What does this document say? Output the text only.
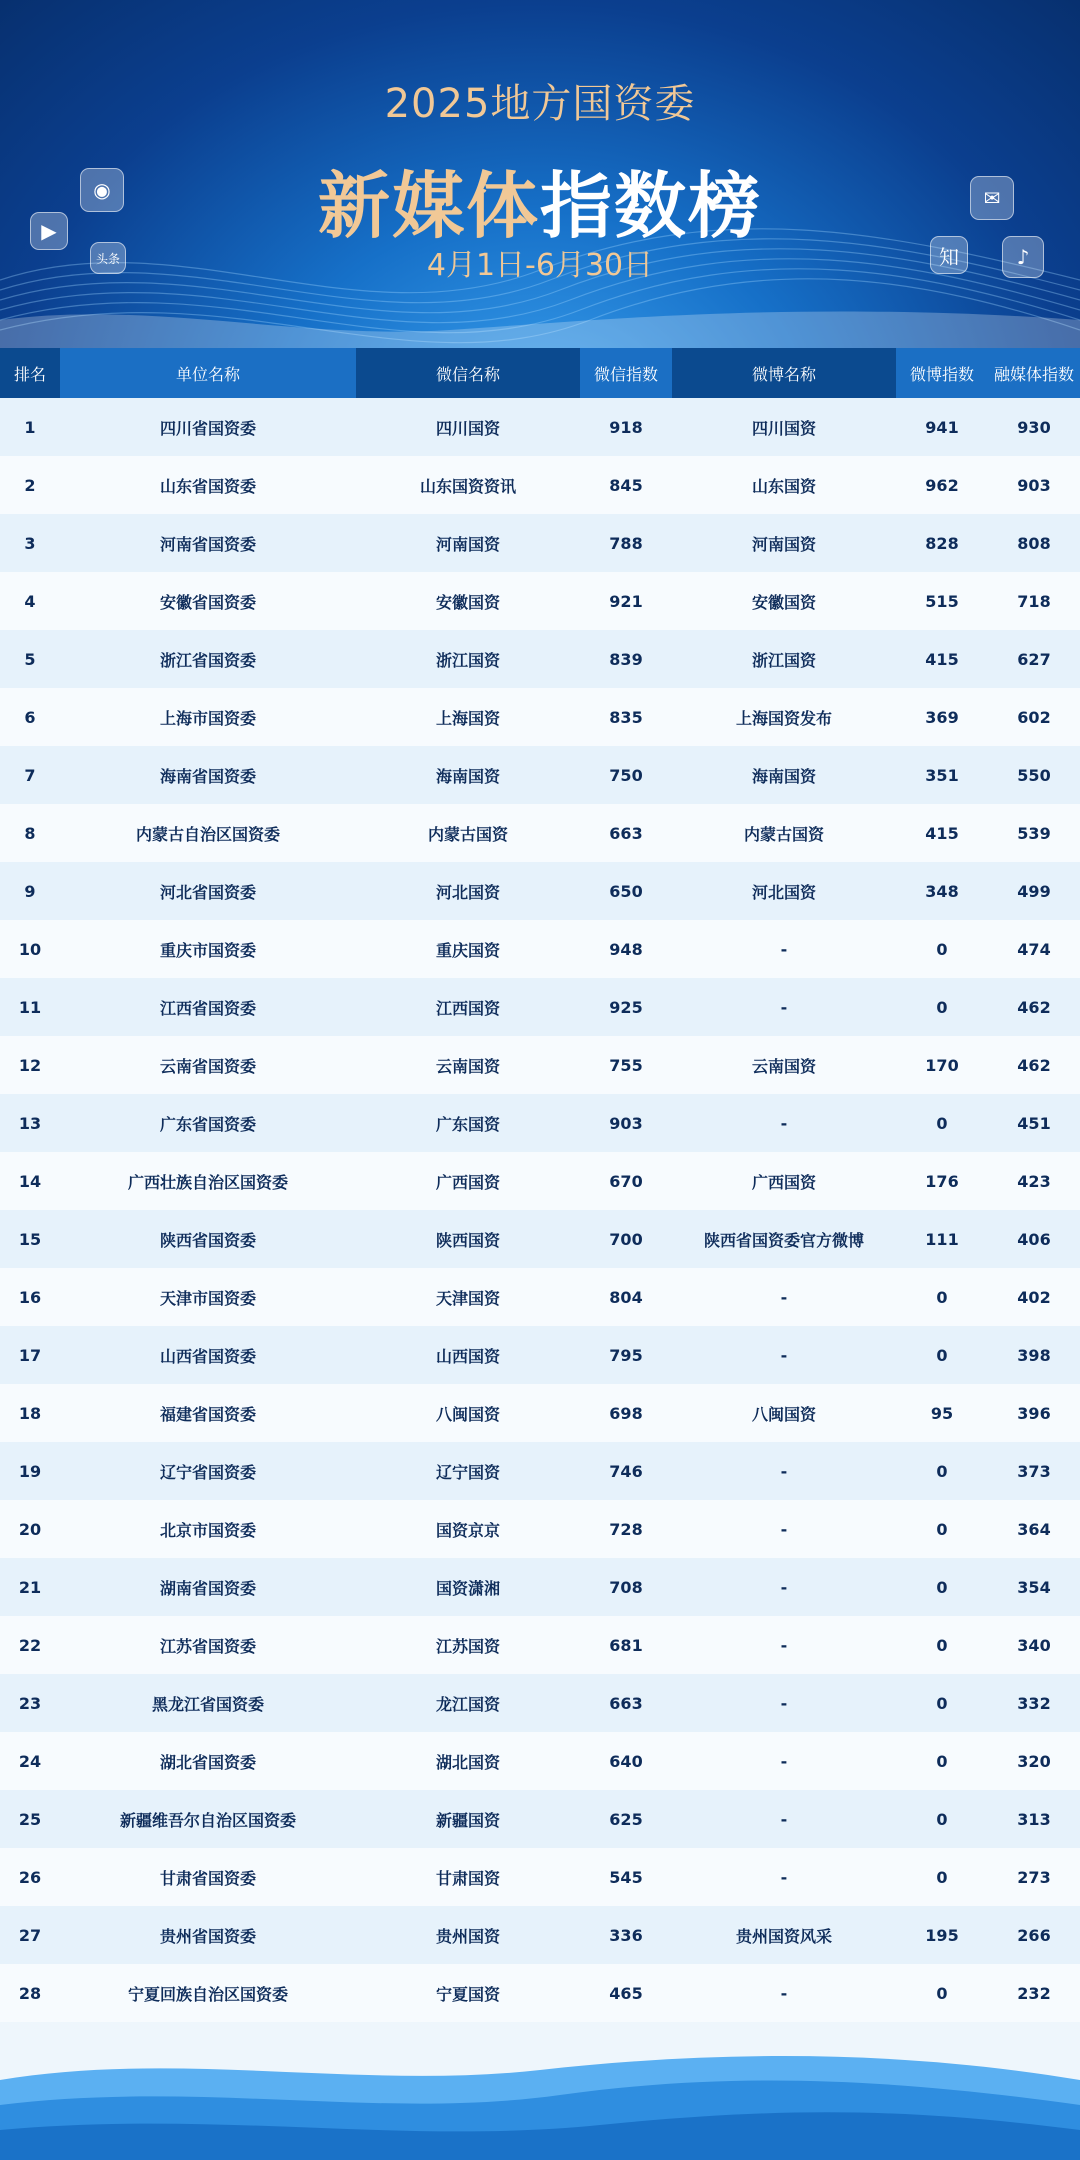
◉
▶
头条
✉
知	♪
2025地方国资委
新媒体指数榜
4月1日-6月30日
排名	单位名称	微信名称	微信指数	微博名称	微博指数	融媒体指数
1	四川省国资委	四川国资	918	四川国资	941	930
2	山东省国资委	山东国资资讯	845	山东国资	962	903
3	河南省国资委	河南国资	788	河南国资	828	808
4	安徽省国资委	安徽国资	921	安徽国资	515	718
5	浙江省国资委	浙江国资	839	浙江国资	415	627
6	上海市国资委	上海国资	835	上海国资发布	369	602
7	海南省国资委	海南国资	750	海南国资	351	550
8	内蒙古自治区国资委	内蒙古国资	663	内蒙古国资	415	539
9	河北省国资委	河北国资	650	河北国资	348	499
10	重庆市国资委	重庆国资	948	-	0	474
11	江西省国资委	江西国资	925	-	0	462
12	云南省国资委	云南国资	755	云南国资	170	462
13	广东省国资委	广东国资	903	-	0	451
14	广西壮族自治区国资委	广西国资	670	广西国资	176	423
15	陕西省国资委	陕西国资	700	陕西省国资委官方微博	111	406
16	天津市国资委	天津国资	804	-	0	402
17	山西省国资委	山西国资	795	-	0	398
18	福建省国资委	八闽国资	698	八闽国资	95	396
19	辽宁省国资委	辽宁国资	746	-	0	373
20	北京市国资委	国资京京	728	-	0	364
21	湖南省国资委	国资潇湘	708	-	0	354
22	江苏省国资委	江苏国资	681	-	0	340
23	黑龙江省国资委	龙江国资	663	-	0	332
24	湖北省国资委	湖北国资	640	-	0	320
25	新疆维吾尔自治区国资委	新疆国资	625	-	0	313
26	甘肃省国资委	甘肃国资	545	-	0	273
27	贵州省国资委	贵州国资	336	贵州国资风采	195	266
28	宁夏回族自治区国资委	宁夏国资	465	-	0	232
